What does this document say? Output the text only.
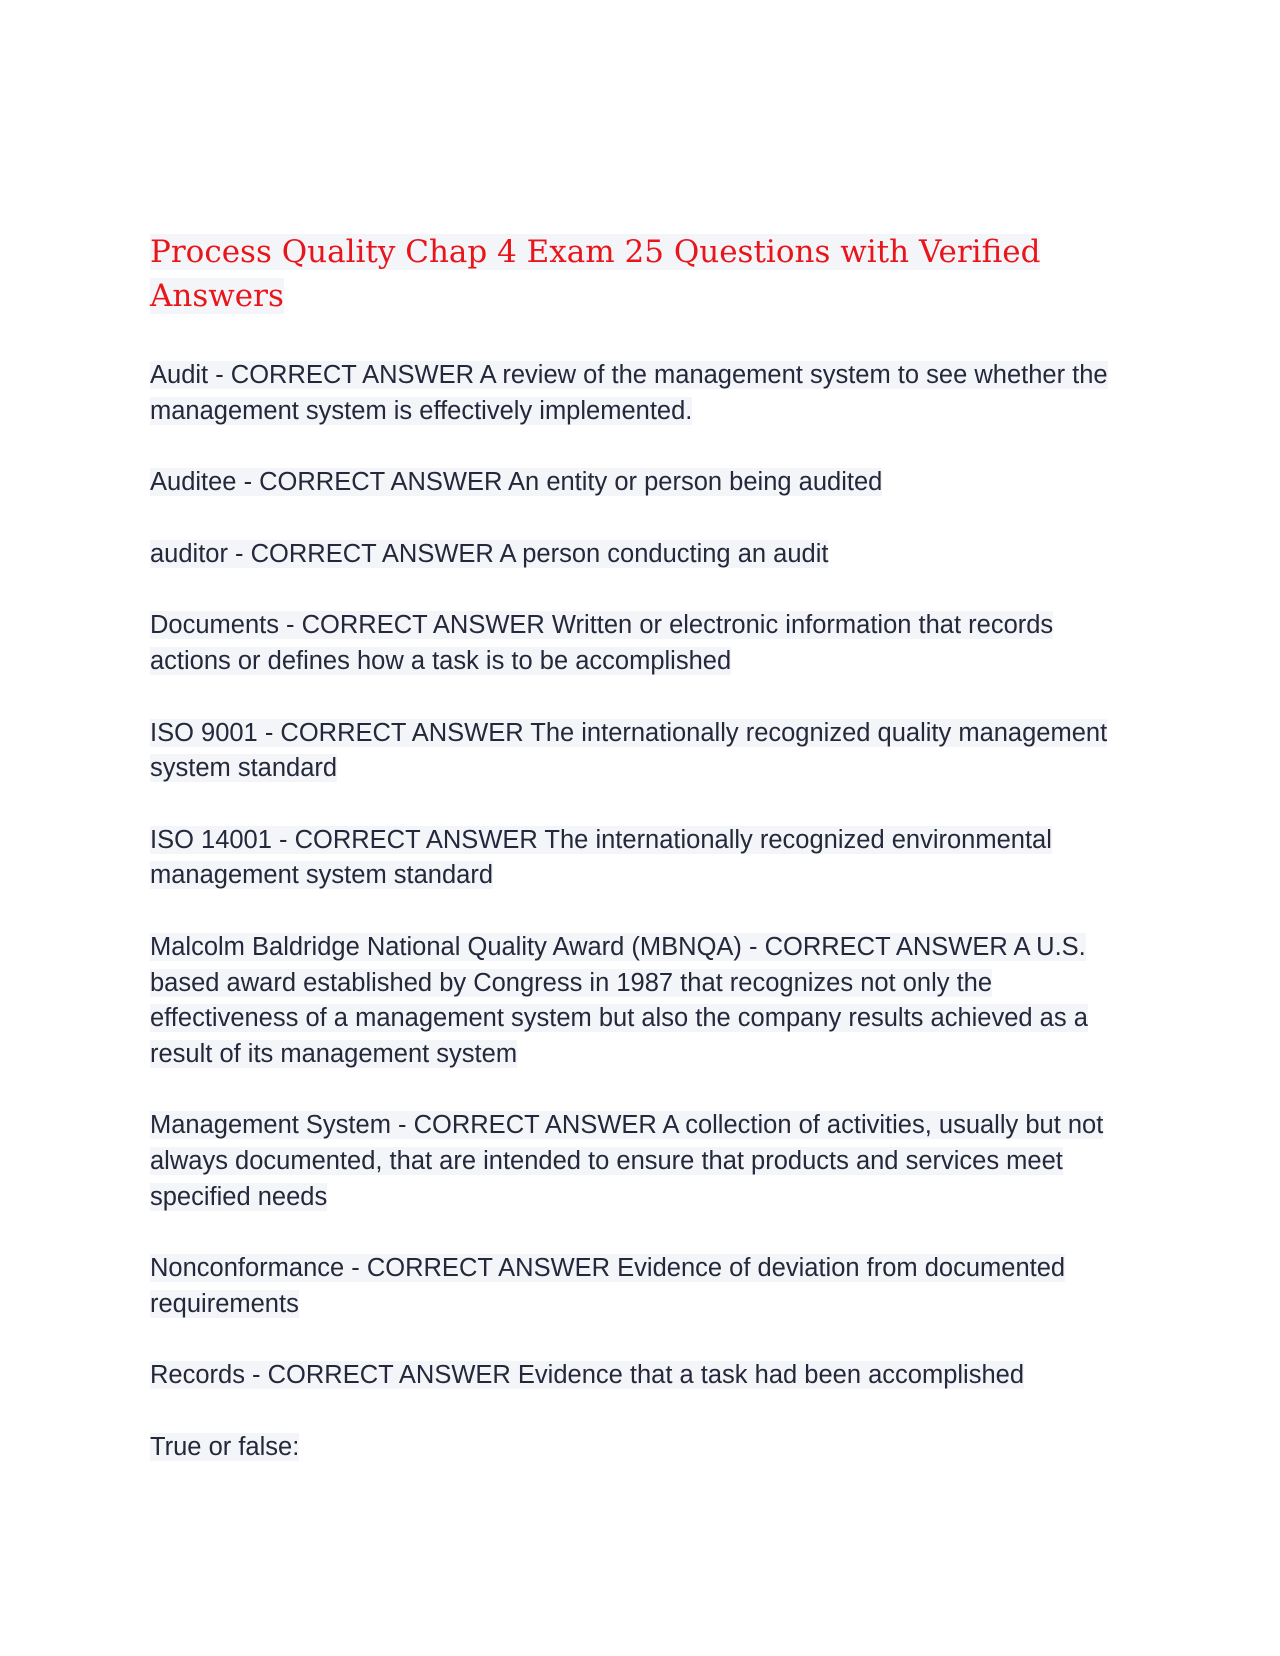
Process Quality Chap 4 Exam 25 Questions with Verified Answers

Audit - CORRECT ANSWER A review of the management system to see whether the management system is effectively implemented.

Auditee - CORRECT ANSWER An entity or person being audited

auditor - CORRECT ANSWER A person conducting an audit

Documents - CORRECT ANSWER Written or electronic information that records actions or defines how a task is to be accomplished

ISO 9001 - CORRECT ANSWER The internationally recognized quality management system standard

ISO 14001 - CORRECT ANSWER The internationally recognized environmental management system standard

Malcolm Baldridge National Quality Award (MBNQA) - CORRECT ANSWER A U.S. based award established by Congress in 1987 that recognizes not only the effectiveness of a management system but also the company results achieved as a result of its management system

Management System - CORRECT ANSWER A collection of activities, usually but not always documented, that are intended to ensure that products and services meet specified needs

Nonconformance - CORRECT ANSWER Evidence of deviation from documented requirements

Records - CORRECT ANSWER Evidence that a task had been accomplished

True or false:
